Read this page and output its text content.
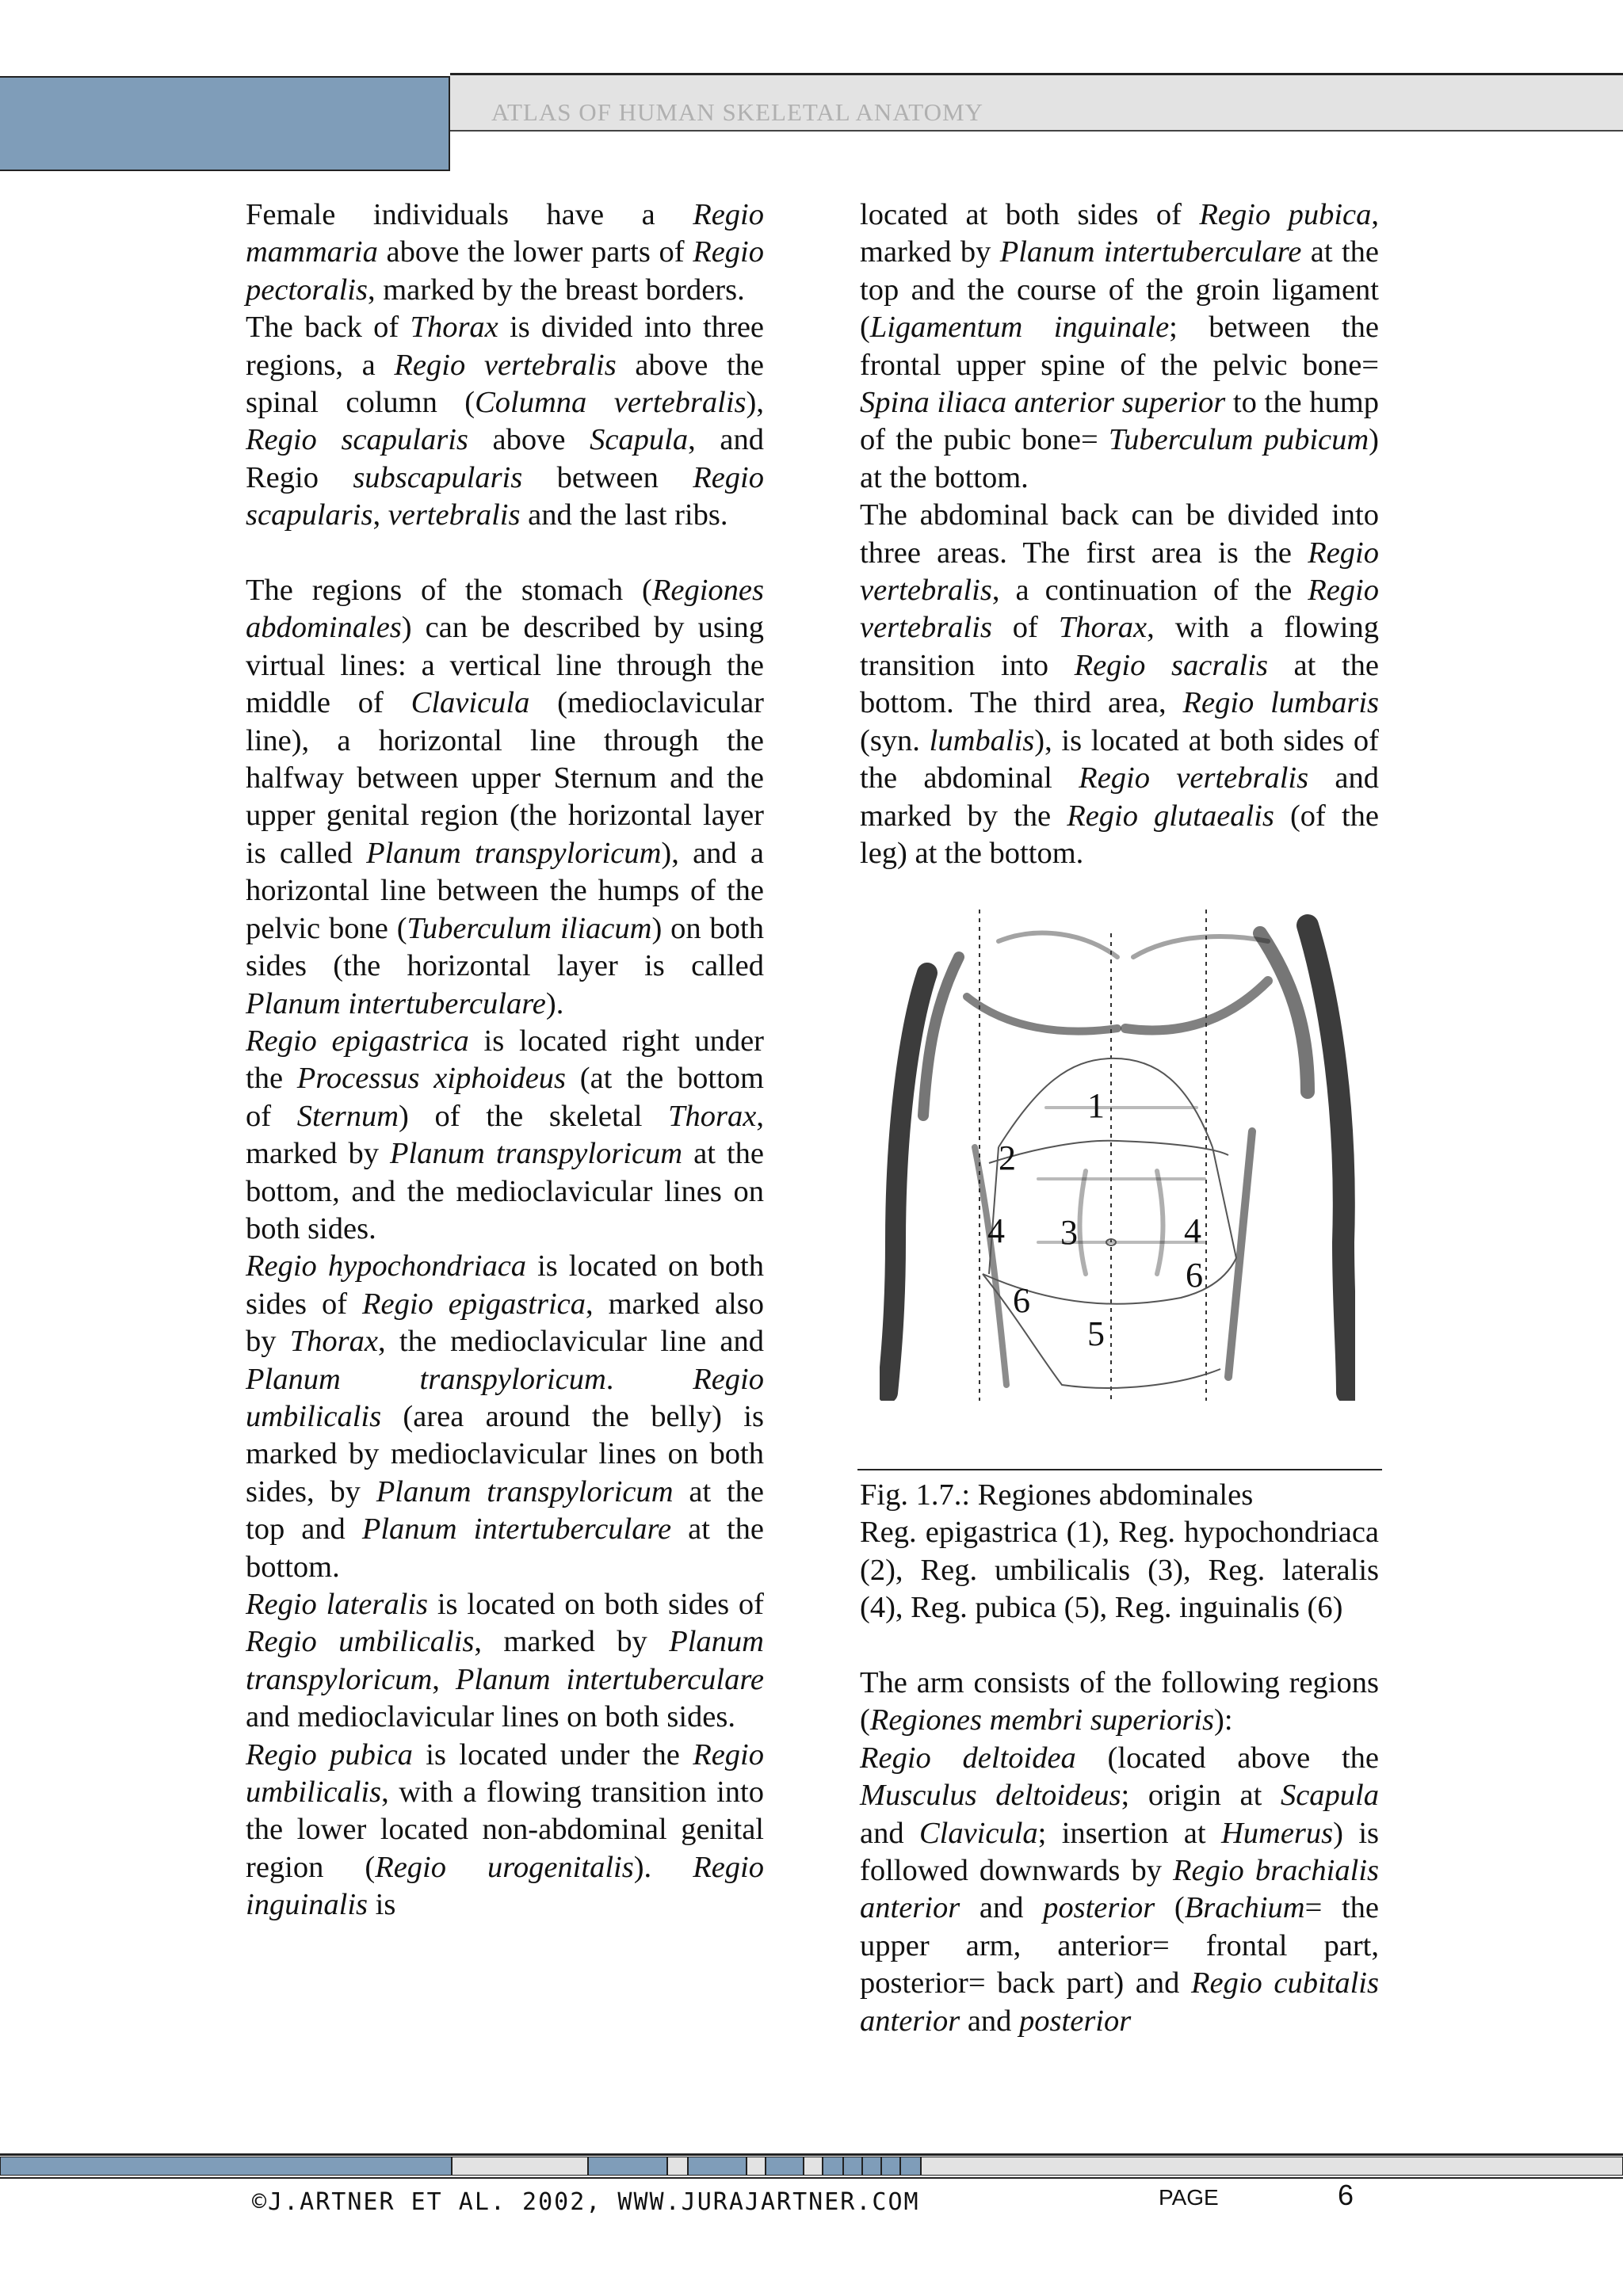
ATLAS OF HUMAN SKELETAL ANATOMY

Female individuals have a Regio mammaria above the lower parts of Regio pectoralis, marked by the breast borders.

The back of Thorax is divided into three regions, a Regio vertebralis above the spinal column (Columna vertebralis), Regio scapularis above Scapula, and Regio subscapularis between Regio scapularis, vertebralis and the last ribs.

The regions of the stomach (Regiones abdominales) can be described by using virtual lines: a vertical line through the middle of Clavicula (medioclavicular line), a horizontal line through the halfway between upper Sternum and the upper genital region (the horizontal layer is called Planum transpyloricum), and a horizontal line between the humps of the pelvic bone (Tuberculum iliacum) on both sides (the horizontal layer is called Planum intertuberculare).

Regio epigastrica is located right under the Processus xiphoideus (at the bottom of Sternum) of the skeletal Thorax, marked by Planum transpyloricum at the bottom, and the medioclavicular lines on both sides.

Regio hypochondriaca is located on both sides of Regio epigastrica, marked also by Thorax, the medioclavicular line and Planum transpyloricum. Regio umbilicalis (area around the belly) is marked by medioclavicular lines on both sides, by Planum transpyloricum at the top and Planum intertuberculare at the bottom.

Regio lateralis is located on both sides of Regio umbilicalis, marked by Planum transpyloricum, Planum intertuberculare and medioclavicular lines on both sides.

Regio pubica is located under the Regio umbilicalis, with a flowing transition into the lower located non-abdominal genital region (Regio urogenitalis). Regio inguinalis is

located at both sides of Regio pubica, marked by Planum intertuberculare at the top and the course of the groin ligament (Ligamentum inguinale; between the frontal upper spine of the pelvic bone= Spina iliaca anterior superior to the hump of the pubic bone= Tuberculum pubicum) at the bottom.

The abdominal back can be divided into three areas. The first area is the Regio vertebralis, a continuation of the Regio vertebralis of Thorax, with a flowing transition into Regio sacralis at the bottom. The third area, Regio lumbaris (syn. lumbalis), is located at both sides of the abdominal Regio vertebralis and marked by the Regio glutaealis (of the leg) at the bottom.

1
2
3
4	4
5
6
6

Fig. 1.7.: Regiones abdominales

Reg. epigastrica (1), Reg. hypochondriaca (2), Reg. umbilicalis (3), Reg. lateralis (4), Reg. pubica (5), Reg. inguinalis (6)

The arm consists of the following regions (Regiones membri superioris):

Regio deltoidea (located above the Musculus deltoideus; origin at Scapula and Clavicula; insertion at Humerus) is followed downwards by Regio brachialis anterior and posterior (Brachium= the upper arm, anterior= frontal part, posterior= back part) and Regio cubitalis anterior and posterior

©J.ARTNER ET AL. 2002, WWW.JURAJARTNER.COM	PAGE	6
